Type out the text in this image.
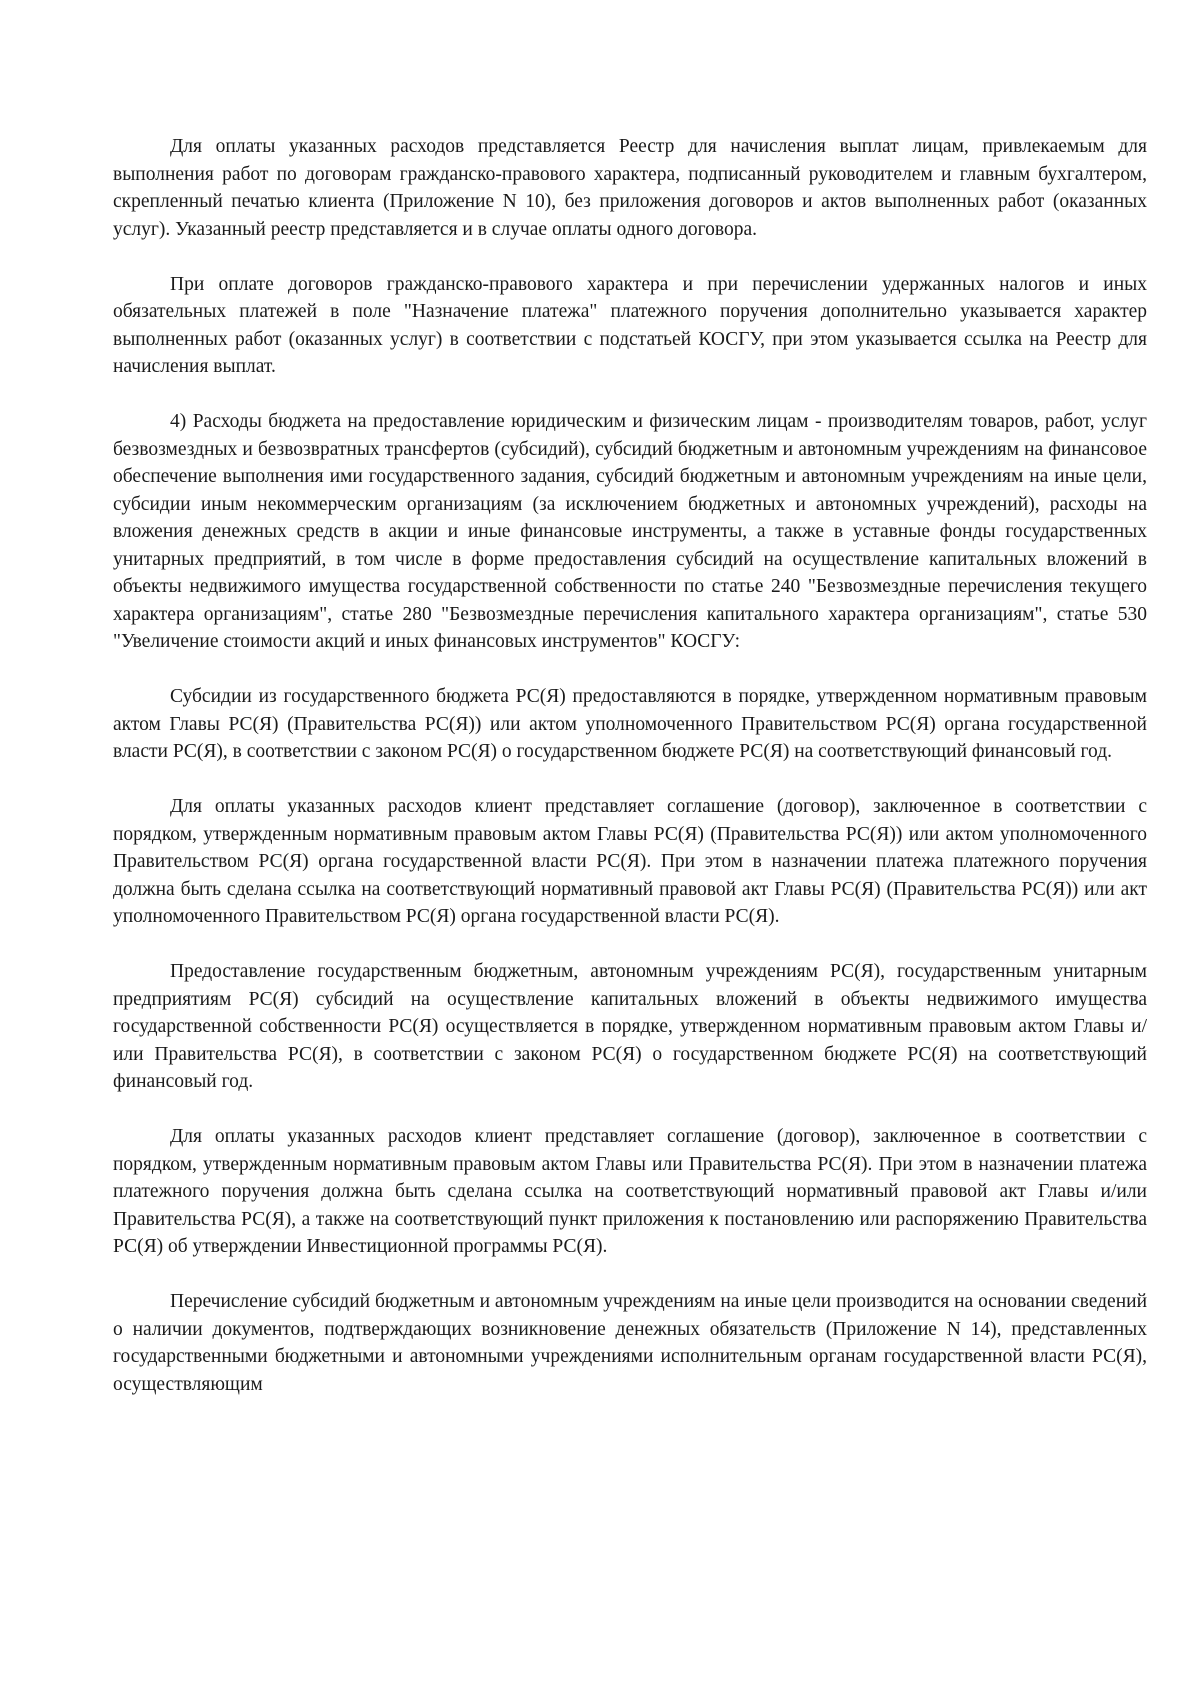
Для оплаты указанных расходов представляется Реестр для начисления выплат лицам, привлекаемым для выполнения работ по договорам гражданско-правового характера, подписанный руководителем и главным бухгалтером, скрепленный печатью клиента (Приложение N 10), без приложения договоров и актов выполненных работ (оказанных услуг). Указанный реестр представляется и в случае оплаты одного договора.

При оплате договоров гражданско-правового характера и при перечислении удержанных налогов и иных обязательных платежей в поле "Назначение платежа" платежного поручения дополнительно указывается характер выполненных работ (оказанных услуг) в соответствии с подстатьей КОСГУ, при этом указывается ссылка на Реестр для начисления выплат.

4) Расходы бюджета на предоставление юридическим и физическим лицам - производителям товаров, работ, услуг безвозмездных и безвозвратных трансфертов (субсидий), субсидий бюджетным и автономным учреждениям на финансовое обеспечение выполнения ими государственного задания, субсидий бюджетным и автономным учреждениям на иные цели, субсидии иным некоммерческим организациям (за исключением бюджетных и автономных учреждений), расходы на вложения денежных средств в акции и иные финансовые инструменты, а также в уставные фонды государственных унитарных предприятий, в том числе в форме предоставления субсидий на осуществление капитальных вложений в объекты недвижимого имущества государственной собственности по статье 240 "Безвозмездные перечисления текущего характера организациям", статье 280 "Безвозмездные перечисления капитального характера организациям", статье 530 "Увеличение стоимости акций и иных финансовых инструментов" КОСГУ:

Субсидии из государственного бюджета РС(Я) предоставляются в порядке, утвержденном нормативным правовым актом Главы РС(Я) (Правительства РС(Я)) или актом уполномоченного Правительством РС(Я) органа государственной власти РС(Я), в соответствии с законом РС(Я) о государственном бюджете РС(Я) на соответствующий финансовый год.

Для оплаты указанных расходов клиент представляет соглашение (договор), заключенное в соответствии с порядком, утвержденным нормативным правовым актом Главы РС(Я) (Правительства РС(Я)) или актом уполномоченного Правительством РС(Я) органа государственной власти РС(Я). При этом в назначении платежа платежного поручения должна быть сделана ссылка на соответствующий нормативный правовой акт Главы РС(Я) (Правительства РС(Я)) или акт уполномоченного Правительством РС(Я) органа государственной власти РС(Я).

Предоставление государственным бюджетным, автономным учреждениям РС(Я), государственным унитарным предприятиям РС(Я) субсидий на осуществление капитальных вложений в объекты недвижимого имущества государственной собственности РС(Я) осуществляется в порядке, утвержденном нормативным правовым актом Главы и/или Правительства РС(Я), в соответствии с законом РС(Я) о государственном бюджете РС(Я) на соответствующий финансовый год.

Для оплаты указанных расходов клиент представляет соглашение (договор), заключенное в соответствии с порядком, утвержденным нормативным правовым актом Главы или Правительства РС(Я). При этом в назначении платежа платежного поручения должна быть сделана ссылка на соответствующий нормативный правовой акт Главы и/или Правительства РС(Я), а также на соответствующий пункт приложения к постановлению или распоряжению Правительства РС(Я) об утверждении Инвестиционной программы РС(Я).

Перечисление субсидий бюджетным и автономным учреждениям на иные цели производится на основании сведений о наличии документов, подтверждающих возникновение денежных обязательств (Приложение N 14), представленных государственными бюджетными и автономными учреждениями исполнительным органам государственной власти РС(Я), осуществляющим
